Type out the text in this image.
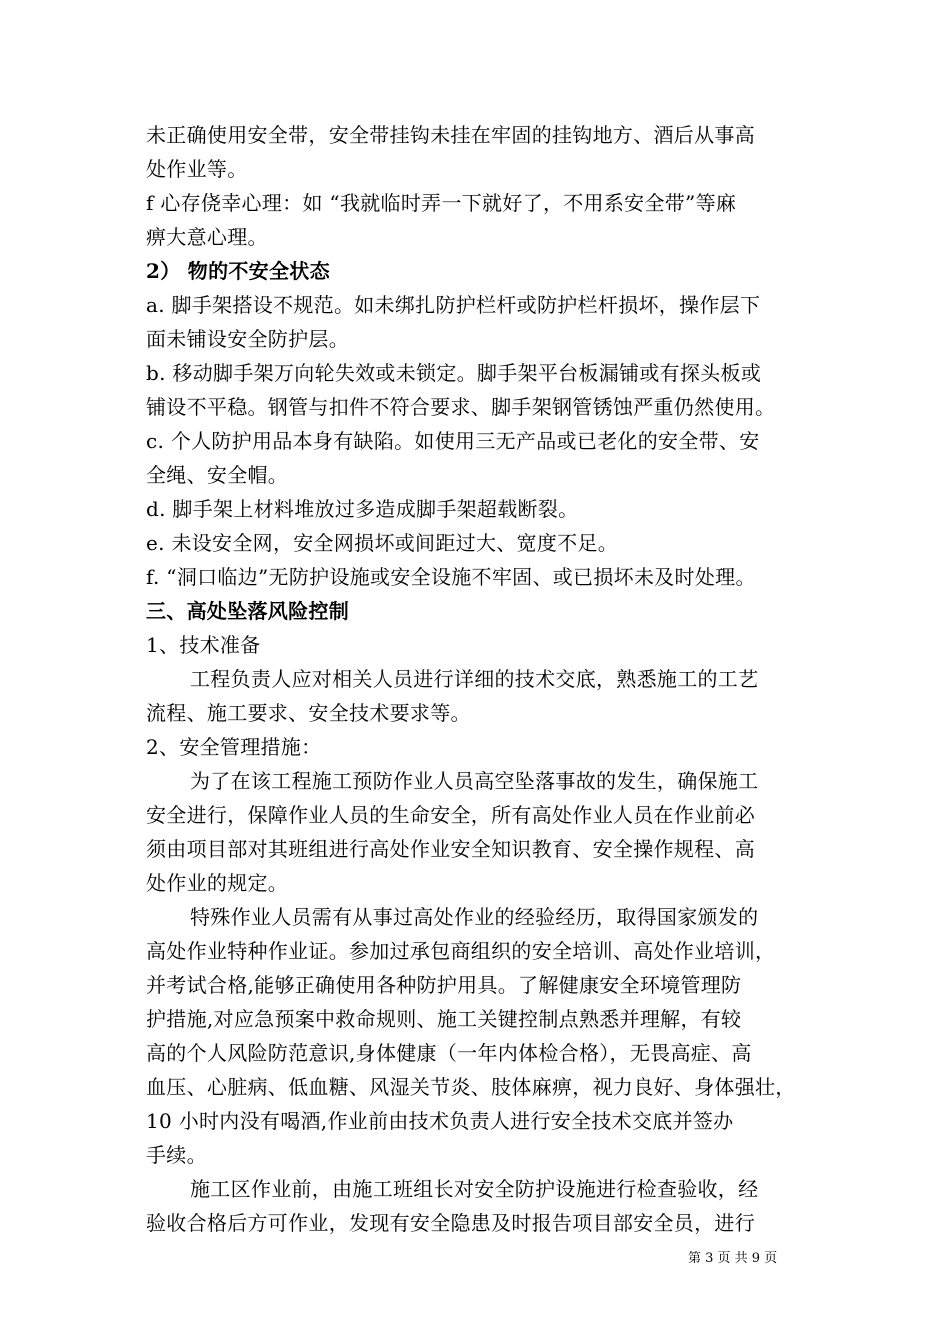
未正确使用安全带，安全带挂钩未挂在牢固的挂钩地方、酒后从事高
处作业等。
f 心存侥幸心理：如 “我就临时弄一下就好了，不用系安全带”等麻
痹大意心理。
2） 物的不安全状态
a. 脚手架搭设不规范。如未绑扎防护栏杆或防护栏杆损坏，操作层下
面未铺设安全防护层。
b. 移动脚手架万向轮失效或未锁定。脚手架平台板漏铺或有探头板或
铺设不平稳。钢管与扣件不符合要求、脚手架钢管锈蚀严重仍然使用。
c. 个人防护用品本身有缺陷。如使用三无产品或已老化的安全带、安
全绳、安全帽。
d. 脚手架上材料堆放过多造成脚手架超载断裂。
e. 未设安全网，安全网损坏或间距过大、宽度不足。
f. “洞口临边”无防护设施或安全设施不牢固、或已损坏未及时处理。
三、高处坠落风险控制
1、技术准备
工程负责人应对相关人员进行详细的技术交底，熟悉施工的工艺
流程、施工要求、安全技术要求等。
2、安全管理措施：
为了在该工程施工预防作业人员高空坠落事故的发生，确保施工
安全进行，保障作业人员的生命安全，所有高处作业人员在作业前必
须由项目部对其班组进行高处作业安全知识教育、安全操作规程、高
处作业的规定。
特殊作业人员需有从事过高处作业的经验经历，取得国家颁发的
高处作业特种作业证。参加过承包商组织的安全培训、高处作业培训，
并考试合格,能够正确使用各种防护用具。了解健康安全环境管理防
护措施,对应急预案中救命规则、施工关键控制点熟悉并理解，有较
高的个人风险防范意识,身体健康（一年内体检合格），无畏高症、高
血压、心脏病、低血糖、风湿关节炎、肢体麻痹，视力良好、身体强壮，
10 小时内没有喝酒,作业前由技术负责人进行安全技术交底并签办
手续。
施工区作业前，由施工班组长对安全防护设施进行检查验收，经
验收合格后方可作业，发现有安全隐患及时报告项目部安全员，进行
第 3 页 共 9 页
